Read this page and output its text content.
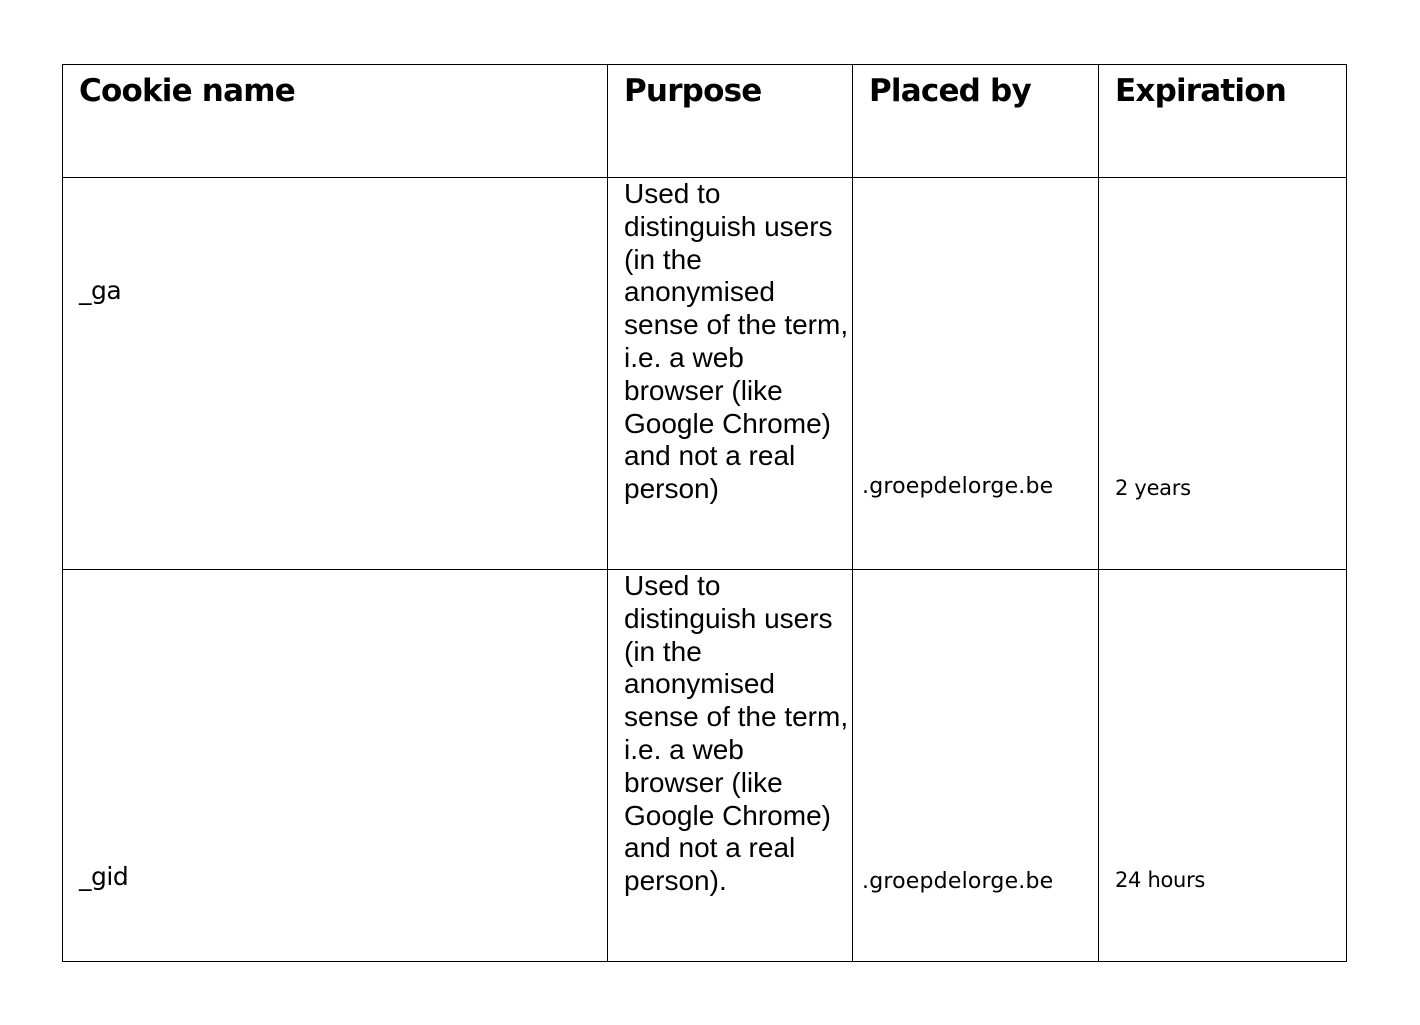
Cookie name	Purpose	Placed by	Expiration

_ga	Used to distinguish users (in the anonymised sense of the term, i.e. a web browser (like Google Chrome) and not a real person)	.groepdelorge.be	2 years

_gid	Used to distinguish users (in the anonymised sense of the term, i.e. a web browser (like Google Chrome) and not a real person).	.groepdelorge.be	24 hours
